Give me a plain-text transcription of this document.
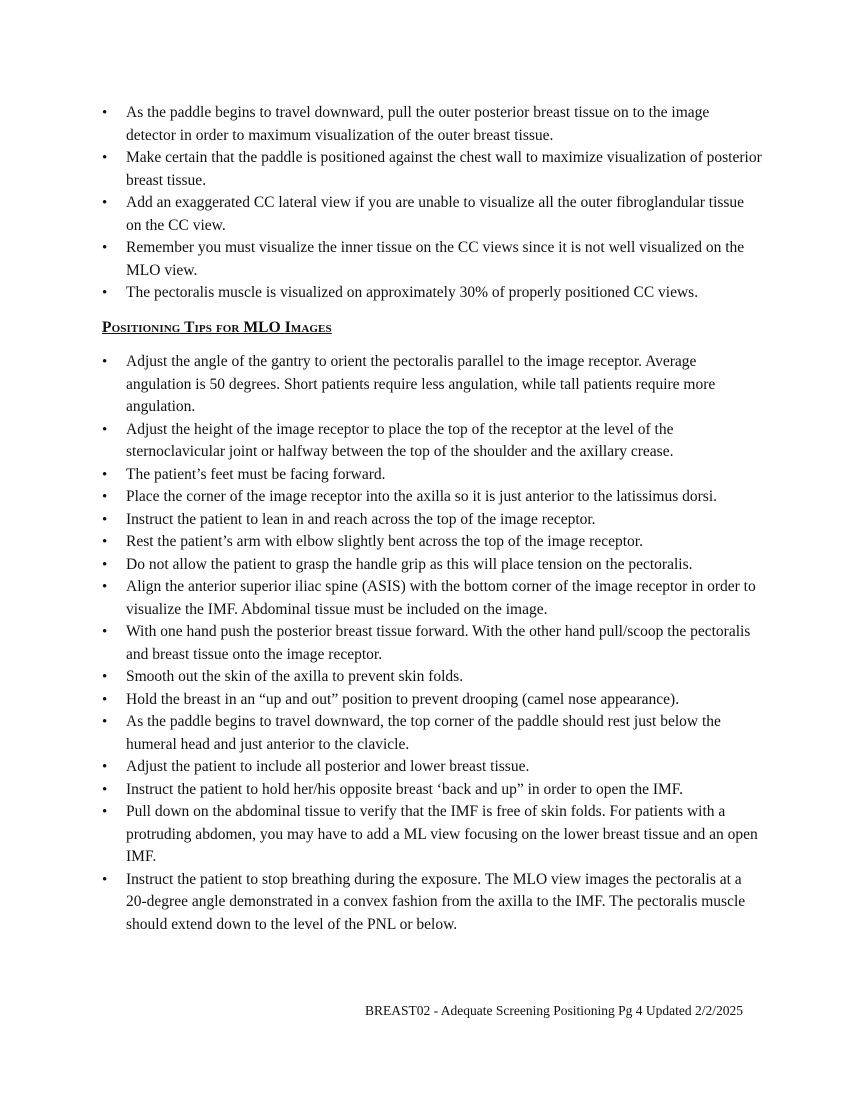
• As the paddle begins to travel downward, pull the outer posterior breast tissue on to the image detector in order to maximum visualization of the outer breast tissue.
• Make certain that the paddle is positioned against the chest wall to maximize visualization of posterior breast tissue.
• Add an exaggerated CC lateral view if you are unable to visualize all the outer fibroglandular tissue on the CC view.
• Remember you must visualize the inner tissue on the CC views since it is not well visualized on the MLO view.
• The pectoralis muscle is visualized on approximately 30% of properly positioned CC views.
Positioning Tips for MLO Images
• Adjust the angle of the gantry to orient the pectoralis parallel to the image receptor. Average angulation is 50 degrees. Short patients require less angulation, while tall patients require more angulation.
• Adjust the height of the image receptor to place the top of the receptor at the level of the sternoclavicular joint or halfway between the top of the shoulder and the axillary crease.
• The patient’s feet must be facing forward.
• Place the corner of the image receptor into the axilla so it is just anterior to the latissimus dorsi.
• Instruct the patient to lean in and reach across the top of the image receptor.
• Rest the patient’s arm with elbow slightly bent across the top of the image receptor.
• Do not allow the patient to grasp the handle grip as this will place tension on the pectoralis.
• Align the anterior superior iliac spine (ASIS) with the bottom corner of the image receptor in order to visualize the IMF. Abdominal tissue must be included on the image.
• With one hand push the posterior breast tissue forward. With the other hand pull/scoop the pectoralis and breast tissue onto the image receptor.
• Smooth out the skin of the axilla to prevent skin folds.
• Hold the breast in an “up and out” position to prevent drooping (camel nose appearance).
• As the paddle begins to travel downward, the top corner of the paddle should rest just below the humeral head and just anterior to the clavicle.
• Adjust the patient to include all posterior and lower breast tissue.
• Instruct the patient to hold her/his opposite breast ‘back and up” in order to open the IMF.
• Pull down on the abdominal tissue to verify that the IMF is free of skin folds. For patients with a protruding abdomen, you may have to add a ML view focusing on the lower breast tissue and an open IMF.
• Instruct the patient to stop breathing during the exposure. The MLO view images the pectoralis at a 20-degree angle demonstrated in a convex fashion from the axilla to the IMF. The pectoralis muscle should extend down to the level of the PNL or below.
BREAST02 - Adequate Screening Positioning Pg 4 Updated 2/2/2025
